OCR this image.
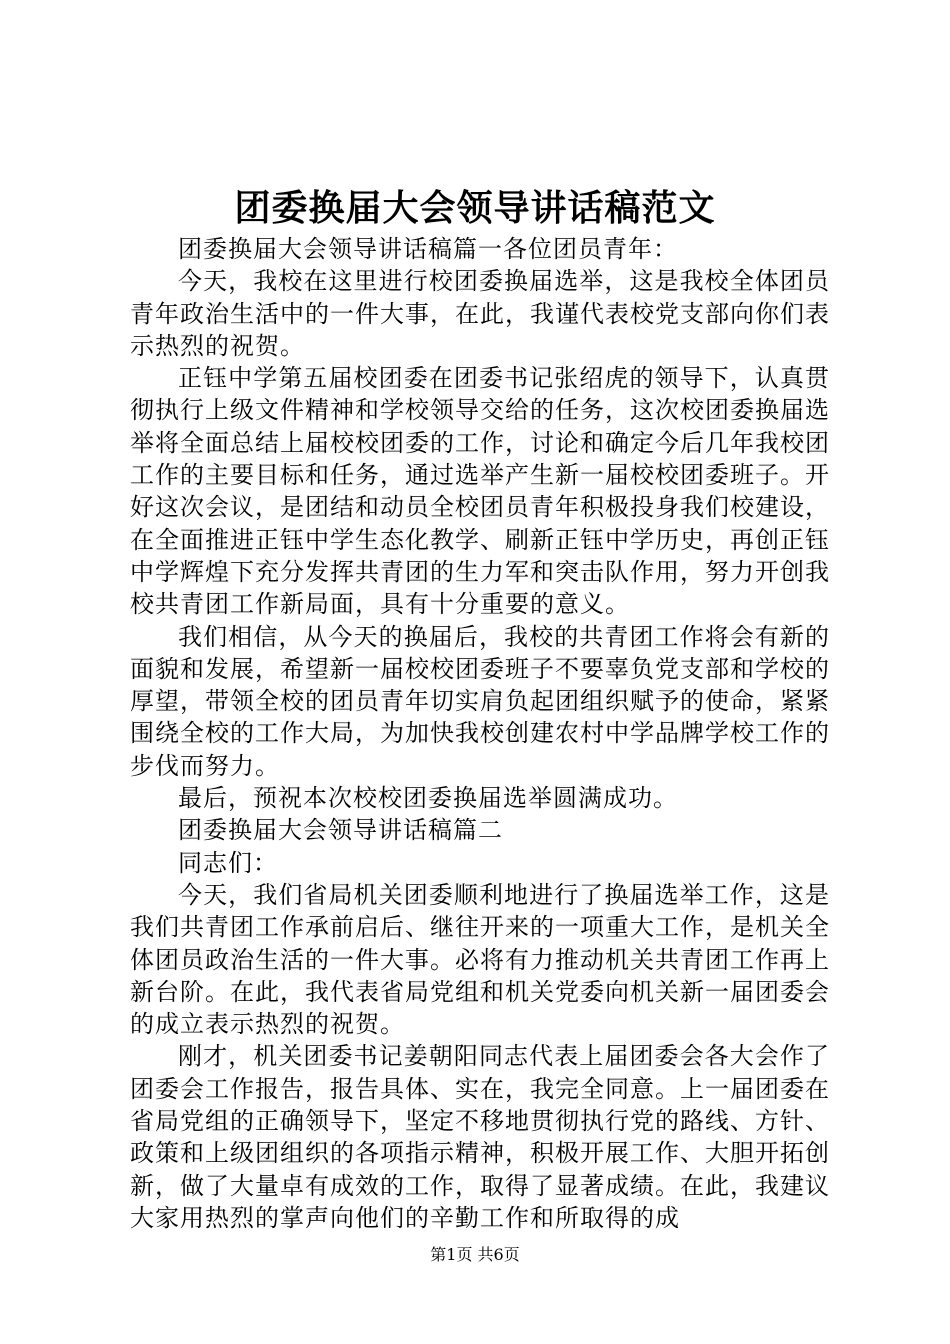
团委换届大会领导讲话稿范文

团委换届大会领导讲话稿篇一各位团员青年：

今天，我校在这里进行校团委换届选举，这是我校全体团员青年政治生活中的一件大事，在此，我谨代表校党支部向你们表示热烈的祝贺。

正钰中学第五届校团委在团委书记张绍虎的领导下，认真贯彻执行上级文件精神和学校领导交给的任务，这次校团委换届选举将全面总结上届校校团委的工作，讨论和确定今后几年我校团工作的主要目标和任务，通过选举产生新一届校校团委班子。开好这次会议，是团结和动员全校团员青年积极投身我们校建设，在全面推进正钰中学生态化教学、刷新正钰中学历史，再创正钰中学辉煌下充分发挥共青团的生力军和突击队作用，努力开创我校共青团工作新局面，具有十分重要的意义。

我们相信，从今天的换届后，我校的共青团工作将会有新的面貌和发展，希望新一届校校团委班子不要辜负党支部和学校的厚望，带领全校的团员青年切实肩负起团组织赋予的使命，紧紧围绕全校的工作大局，为加快我校创建农村中学品牌学校工作的步伐而努力。

最后，预祝本次校校团委换届选举圆满成功。

团委换届大会领导讲话稿篇二

同志们：

今天，我们省局机关团委顺利地进行了换届选举工作，这是我们共青团工作承前启后、继往开来的一项重大工作，是机关全体团员政治生活的一件大事。必将有力推动机关共青团工作再上新台阶。在此，我代表省局党组和机关党委向机关新一届团委会的成立表示热烈的祝贺。

刚才，机关团委书记姜朝阳同志代表上届团委会各大会作了团委会工作报告，报告具体、实在，我完全同意。上一届团委在省局党组的正确领导下，坚定不移地贯彻执行党的路线、方针、政策和上级团组织的各项指示精神，积极开展工作、大胆开拓创新，做了大量卓有成效的工作，取得了显著成绩。在此，我建议大家用热烈的掌声向他们的辛勤工作和所取得的成

第1页 共6页
